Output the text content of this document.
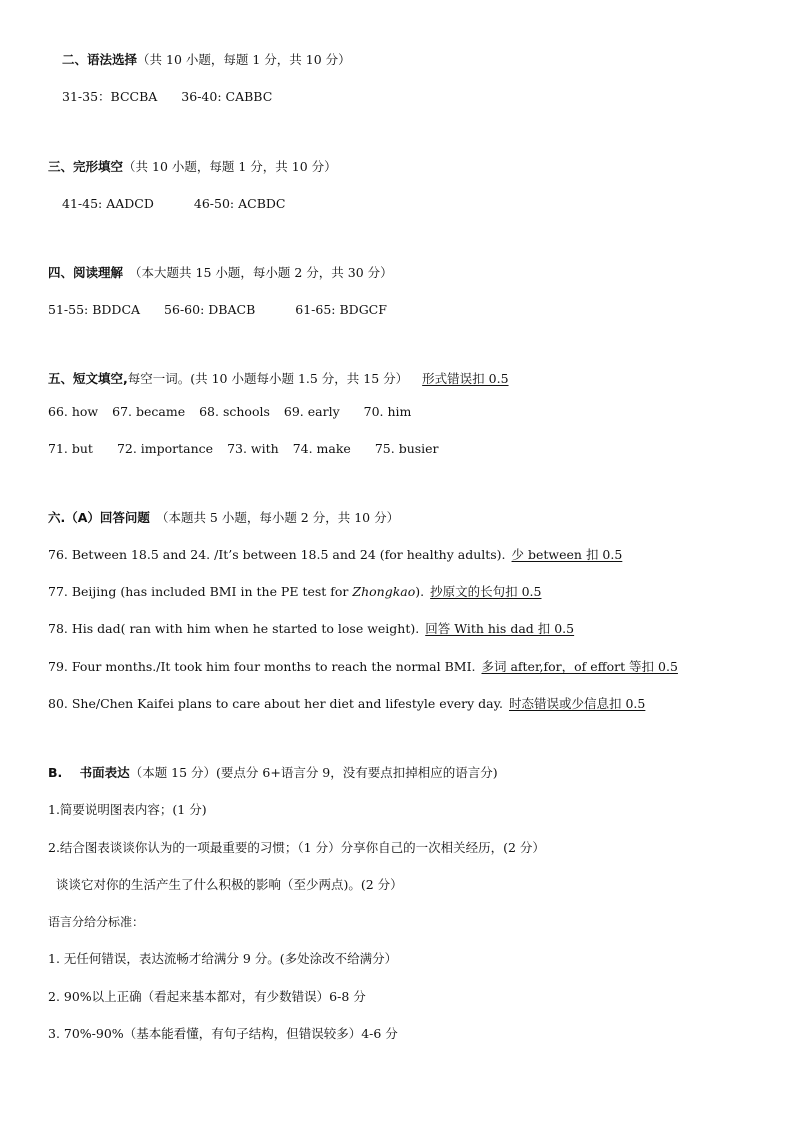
二、语法选择（共 10 小题，每题 1 分，共 10 分）
31-35：BCCBA 36-40: CABBC
三、完形填空（共 10 小题，每题 1 分，共 10 分）
41-45: AADCD	46-50: ACBDC
四、阅读理解 （本大题共 15 小题，每小题 2 分，共 30 分）
51-55: BDDCA 56-60: DBACB	61-65: BDGCF
五、短文填空,每空一词。(共 10 小题每小题 1.5 分，共 15 分） 形式错误扣 0.5
66. how 67. became 68. schools 69. early 70. him
71. but 72. importance 73. with 74. make 75. busier
六.（A）回答问题 （本题共 5 小题，每小题 2 分，共 10 分）
76. Between 18.5 and 24. /It’s between 18.5 and 24 (for healthy adults). 少 between 扣 0.5
77. Beijing (has included BMI in the PE test for Zhongkao). 抄原文的长句扣 0.5
78. His dad( ran with him when he started to lose weight). 回答 With his dad 扣 0.5
79. Four months./It took him four months to reach the normal BMI. 多词 after,for，of effort 等扣 0.5
80. She/Chen Kaifei plans to care about her diet and lifestyle every day. 时态错误或少信息扣 0.5
B.    书面表达（本题 15 分）(要点分 6+语言分 9，没有要点扣掉相应的语言分)
1.简要说明图表内容；(1 分)
2.结合图表谈谈你认为的一项最重要的习惯；（1 分）分享你自己的一次相关经历，(2 分）
谈谈它对你的生活产生了什么积极的影响（至少两点)。(2 分）
语言分给分标准：
1. 无任何错误，表达流畅才给满分 9 分。(多处涂改不给满分）
2. 90%以上正确（看起来基本都对，有少数错误）6-8 分
3. 70%-90%（基本能看懂，有句子结构，但错误较多）4-6 分
